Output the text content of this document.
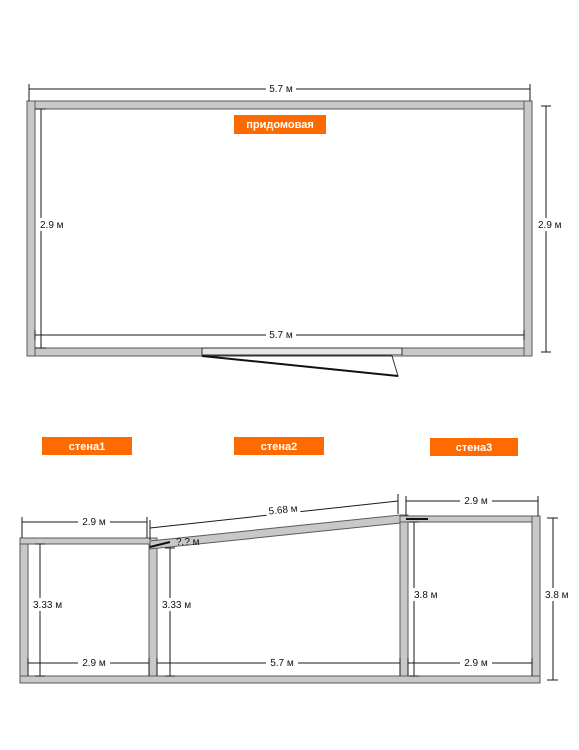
5.7 м
5.7 м
2.9 м	2.9 м
придомовая
стена1	стена2	стена3
?.? м
2.9 м
2.9 м
3.33 м
5.68 м
5.7 м
3.33 м
2.9 м
2.9 м
3.8 м	3.8 м
